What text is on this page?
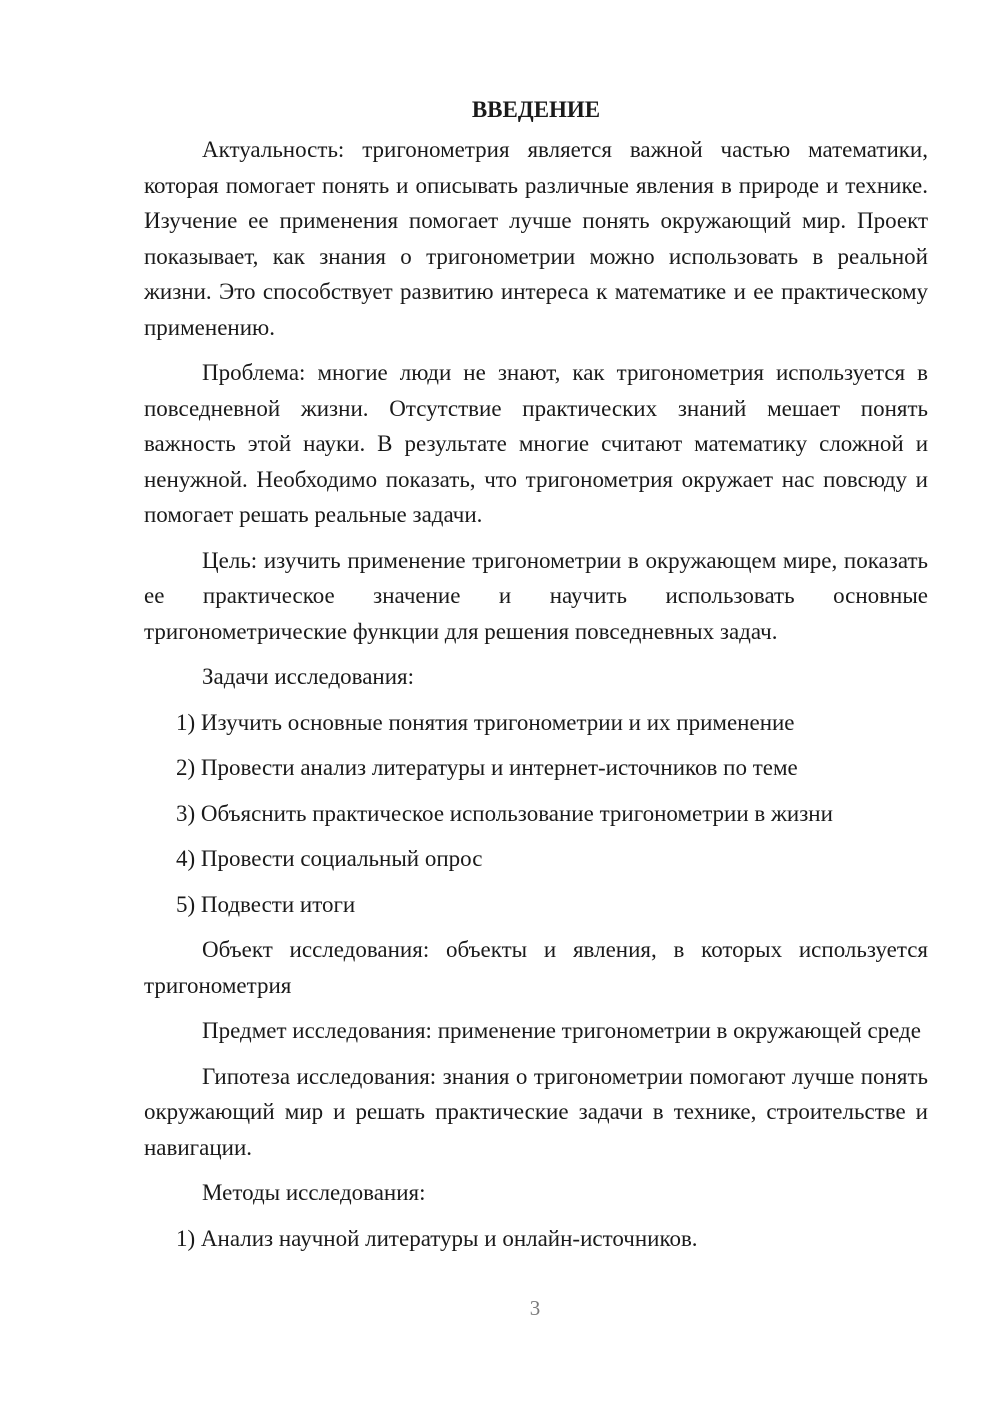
ВВЕДЕНИЕ

Актуальность: тригонометрия является важной частью математики, которая помогает понять и описывать различные явления в природе и технике. Изучение ее применения помогает лучше понять окружающий мир. Проект показывает, как знания о тригонометрии можно использовать в реальной жизни. Это способствует развитию интереса к математике и ее практическому применению.

Проблема: многие люди не знают, как тригонометрия используется в повседневной жизни. Отсутствие практических знаний мешает понять важность этой науки. В результате многие считают математику сложной и ненужной. Необходимо показать, что тригонометрия окружает нас повсюду и помогает решать реальные задачи.

Цель: изучить применение тригонометрии в окружающем мире, показать ее практическое значение и научить использовать основные тригонометрические функции для решения повседневных задач.

Задачи исследования:

1) Изучить основные понятия тригонометрии и их применение
2) Провести анализ литературы и интернет-источников по теме
3) Объяснить практическое использование тригонометрии в жизни
4) Провести социальный опрос
5) Подвести итоги

Объект исследования: объекты и явления, в которых используется тригонометрия

Предмет исследования: применение тригонометрии в окружающей среде

Гипотеза исследования: знания о тригонометрии помогают лучше понять окружающий мир и решать практические задачи в технике, строительстве и навигации.

Методы исследования:

1) Анализ научной литературы и онлайн-источников.
3
